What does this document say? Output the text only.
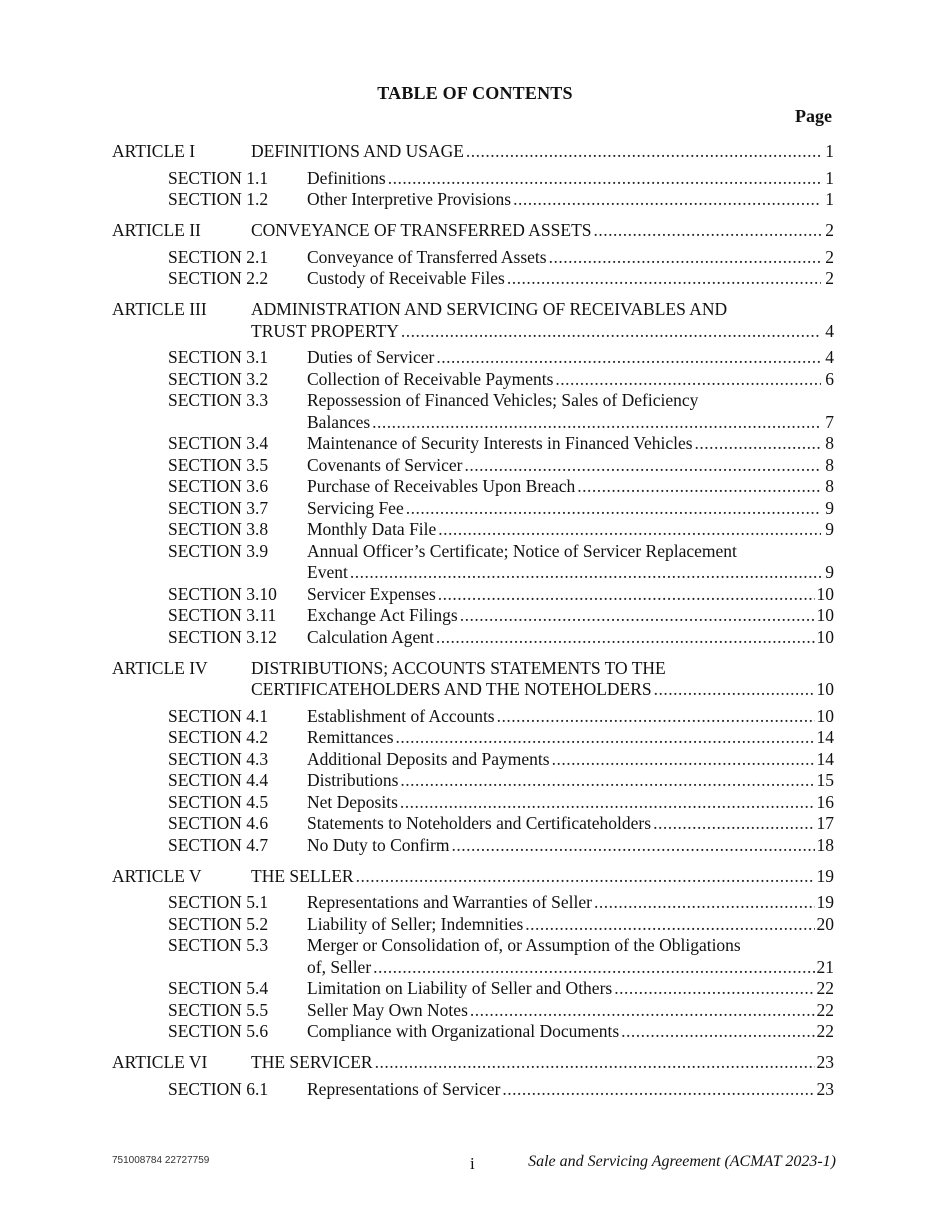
TABLE OF CONTENTS
Page
ARTICLE I	DEFINITIONS AND USAGE .....	1
SECTION 1.1 Definitions .....	1
SECTION 1.2 Other Interpretive Provisions .....	1
ARTICLE II	CONVEYANCE OF TRANSFERRED ASSETS .....	2
SECTION 2.1 Conveyance of Transferred Assets .....	2
SECTION 2.2 Custody of Receivable Files .....	2
ARTICLE III	ADMINISTRATION AND SERVICING OF RECEIVABLES AND
TRUST PROPERTY .....	4
SECTION 3.1 Duties of Servicer .....	4
SECTION 3.2 Collection of Receivable Payments .....	6
SECTION 3.3 Repossession of Financed Vehicles; Sales of Deficiency
Balances .....	7
SECTION 3.4 Maintenance of Security Interests in Financed Vehicles .....	8
SECTION 3.5 Covenants of Servicer .....	8
SECTION 3.6 Purchase of Receivables Upon Breach .....	8
SECTION 3.7 Servicing Fee .....	9
SECTION 3.8 Monthly Data File .....	9
SECTION 3.9 Annual Officer’s Certificate; Notice of Servicer Replacement
Event .....	9
SECTION 3.10 Servicer Expenses .....	10
SECTION 3.11 Exchange Act Filings .....	10
SECTION 3.12 Calculation Agent .....	10
ARTICLE IV DISTRIBUTIONS; ACCOUNTS STATEMENTS TO THE
CERTIFICATEHOLDERS AND THE NOTEHOLDERS .....	10
SECTION 4.1 Establishment of Accounts .....	10
SECTION 4.2 Remittances .....	14
SECTION 4.3 Additional Deposits and Payments .....	14
SECTION 4.4 Distributions .....	15
SECTION 4.5 Net Deposits .....	16
SECTION 4.6 Statements to Noteholders and Certificateholders .....	17
SECTION 4.7 No Duty to Confirm .....	18
ARTICLE V	THE SELLER .....	19
SECTION 5.1 Representations and Warranties of Seller .....	19
SECTION 5.2 Liability of Seller; Indemnities .....	20
SECTION 5.3 Merger or Consolidation of, or Assumption of the Obligations
of, Seller .....	21
SECTION 5.4 Limitation on Liability of Seller and Others .....	22
SECTION 5.5 Seller May Own Notes .....	22
SECTION 5.6 Compliance with Organizational Documents .....	22
ARTICLE VI THE SERVICER .....	23
SECTION 6.1 Representations of Servicer .....	23
751008784 22727759	i	Sale and Servicing Agreement (ACMAT 2023-1)
